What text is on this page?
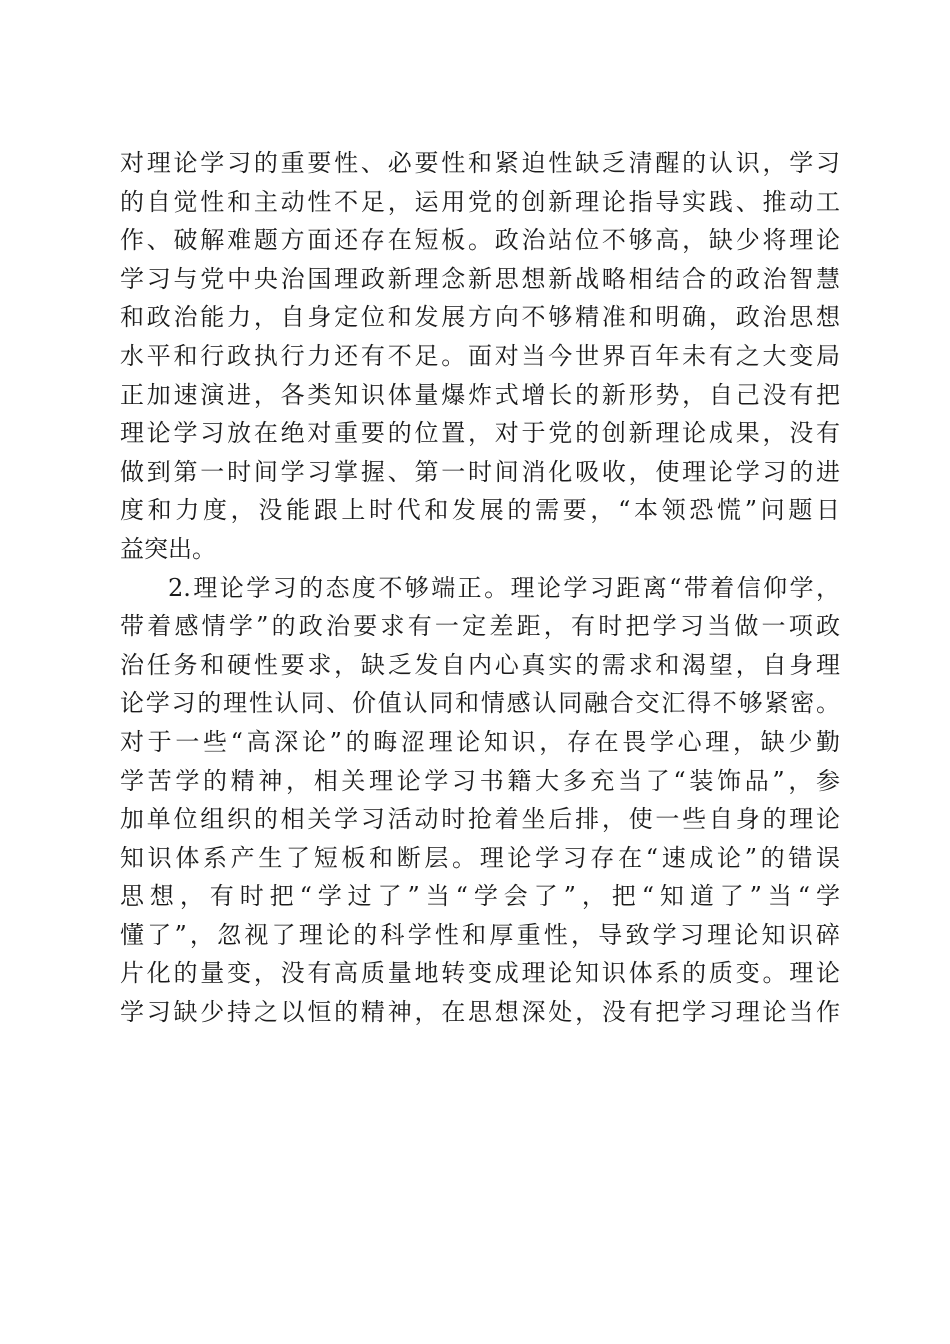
对理论学习的重要性、必要性和紧迫性缺乏清醒的认识，学习
的自觉性和主动性不足，运用党的创新理论指导实践、推动工
作、破解难题方面还存在短板。政治站位不够高，缺少将理论
学习与党中央治国理政新理念新思想新战略相结合的政治智慧
和政治能力，自身定位和发展方向不够精准和明确，政治思想
水平和行政执行力还有不足。面对当今世界百年未有之大变局
正加速演进，各类知识体量爆炸式增长的新形势，自己没有把
理论学习放在绝对重要的位置，对于党的创新理论成果，没有
做到第一时间学习掌握、第一时间消化吸收，使理论学习的进
度和力度，没能跟上时代和发展的需要，“本领恐慌”问题日
益突出。
2.理论学习的态度不够端正。理论学习距离“带着信仰学，
带着感情学”的政治要求有一定差距，有时把学习当做一项政
治任务和硬性要求，缺乏发自内心真实的需求和渴望，自身理
论学习的理性认同、价值认同和情感认同融合交汇得不够紧密。
对于一些“高深论”的晦涩理论知识，存在畏学心理，缺少勤
学苦学的精神，相关理论学习书籍大多充当了“装饰品”，参
加单位组织的相关学习活动时抢着坐后排，使一些自身的理论
知识体系产生了短板和断层。理论学习存在“速成论”的错误
思想，有时把“学过了”当“学会了”，把“知道了”当“学
懂了”，忽视了理论的科学性和厚重性，导致学习理论知识碎
片化的量变，没有高质量地转变成理论知识体系的质变。理论
学习缺少持之以恒的精神，在思想深处，没有把学习理论当作
